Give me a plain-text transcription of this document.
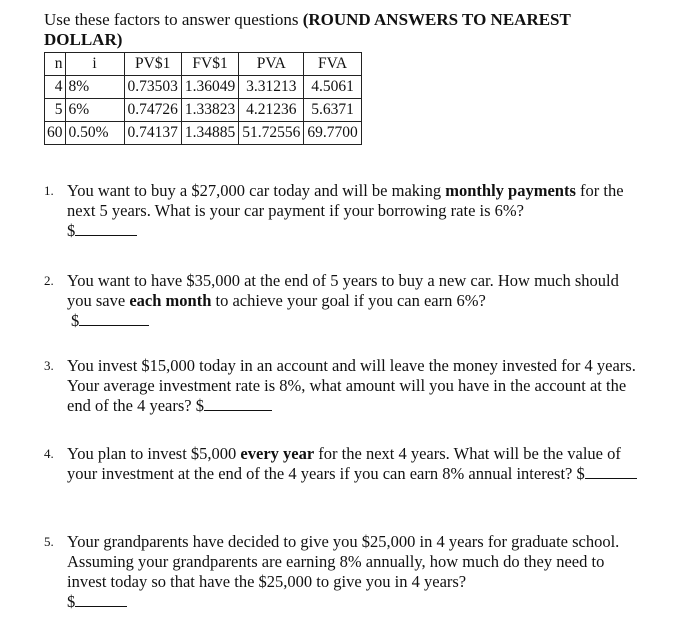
Use these factors to answer questions (ROUND ANSWERS TO NEAREST DOLLAR)
n	i	PV$1	FV$1	PVA	FVA
4	8%	0.73503	1.36049	3.31213	4.5061
5	6%	0.74726	1.33823	4.21236	5.6371
60	0.50%	0.74137	1.34885	51.72556	69.7700
1. You want to buy a $27,000 car today and will be making monthly payments for the next 5 years. What is your car payment if your borrowing rate is 6%?
$
2. You want to have $35,000 at the end of 5 years to buy a new car. How much should you save each month to achieve your goal if you can earn 6%?
$
3. You invest $15,000 today in an account and will leave the money invested for 4 years. Your average investment rate is 8%, what amount will you have in the account at the end of the 4 years? $
4. You plan to invest $5,000 every year for the next 4 years. What will be the value of your investment at the end of the 4 years if you can earn 8% annual interest? $
5. Your grandparents have decided to give you $25,000 in 4 years for graduate school. Assuming your grandparents are earning 8% annually, how much do they need to invest today so that have the $25,000 to give you in 4 years?
$
